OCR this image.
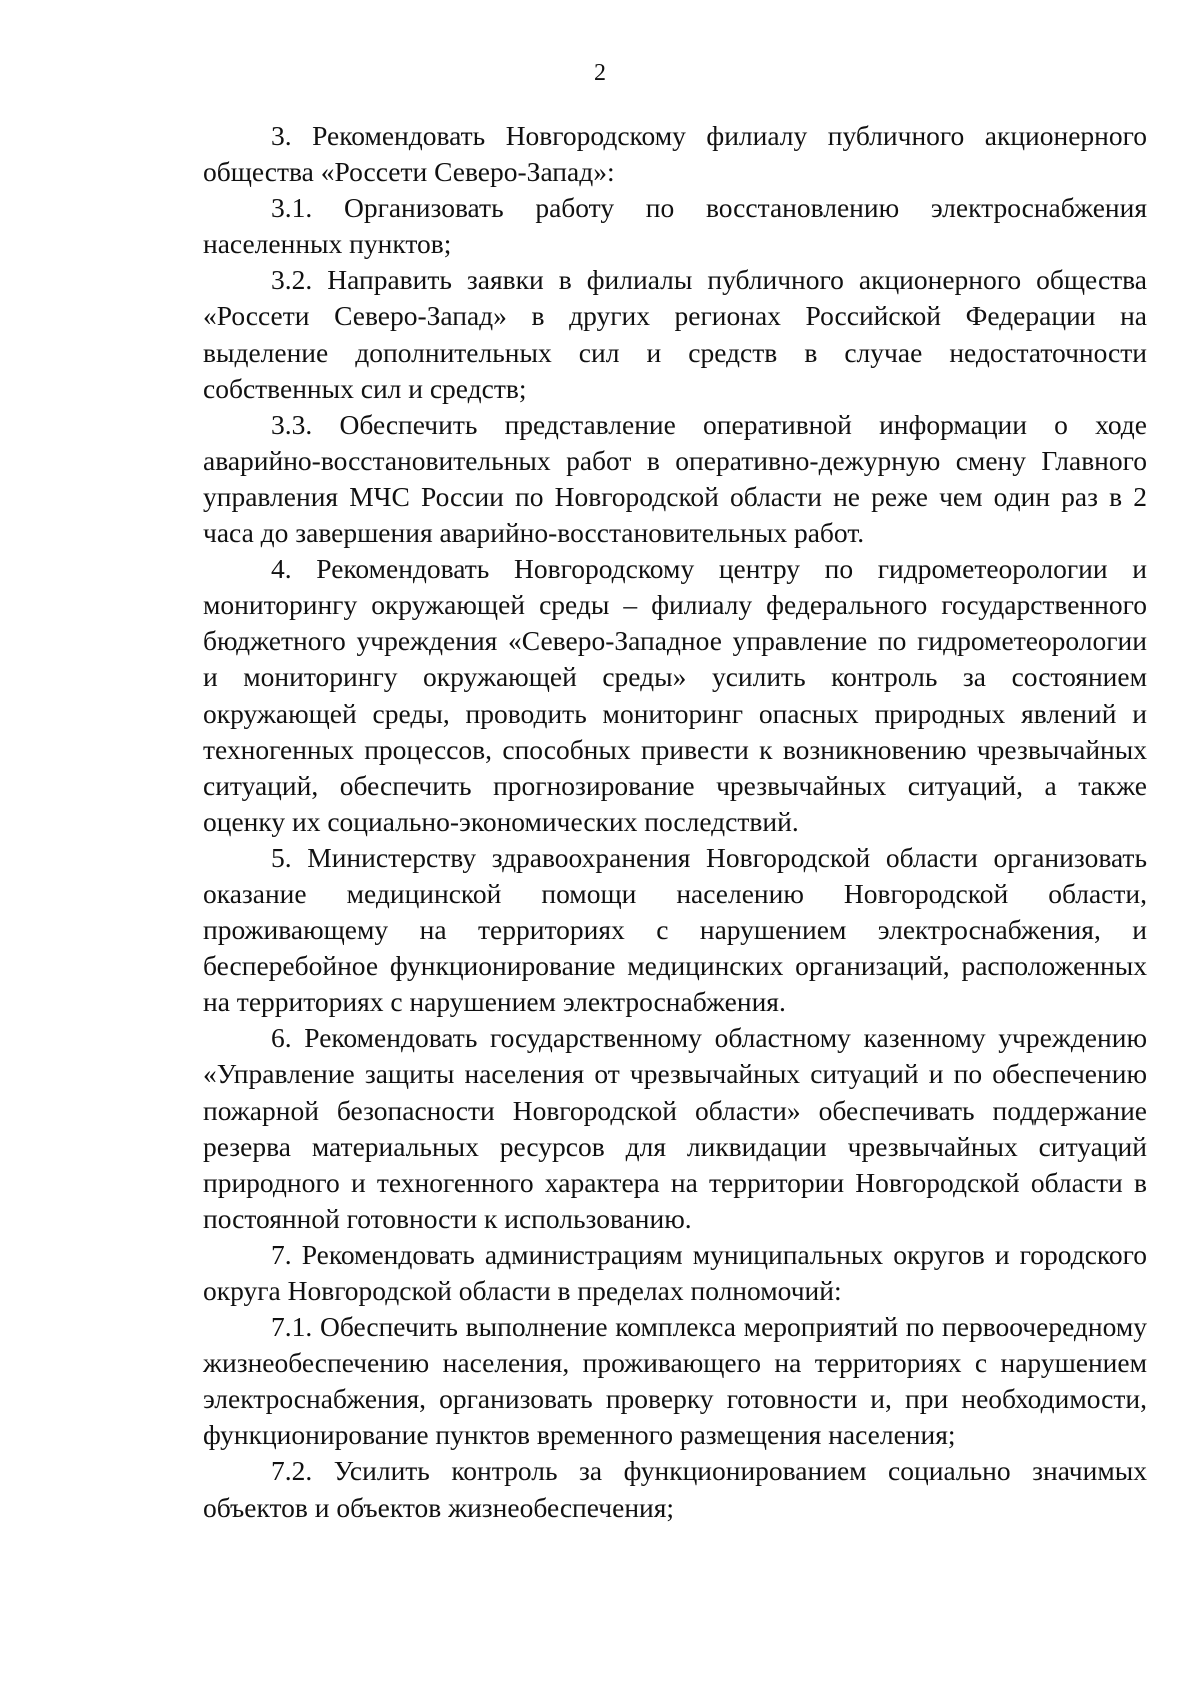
2

3. Рекомендовать Новгородскому филиалу публичного акционерного общества «Россети Северо-Запад»:

3.1. Организовать работу по восстановлению электроснабжения населенных пунктов;

3.2. Направить заявки в филиалы публичного акционерного общества «Россети Северо-Запад» в других регионах Российской Федерации на выделение дополнительных сил и средств в случае недостаточности собственных сил и средств;

3.3. Обеспечить представление оперативной информации о ходе аварийно-восстановительных работ в оперативно-дежурную смену Главного управления МЧС России по Новгородской области не реже чем один раз в 2 часа до завершения аварийно-восстановительных работ.

4. Рекомендовать Новгородскому центру по гидрометеорологии и мониторингу окружающей среды – филиалу федерального государственного бюджетного учреждения «Северо-Западное управление по гидрометеорологии и мониторингу окружающей среды» усилить контроль за состоянием окружающей среды, проводить мониторинг опасных природных явлений и техногенных процессов, способных привести к возникновению чрезвычайных ситуаций, обеспечить прогнозирование чрезвычайных ситуаций, а также оценку их социально-экономических последствий.

5. Министерству здравоохранения Новгородской области организовать оказание медицинской помощи населению Новгородской области, проживающему на территориях с нарушением электроснабжения, и бесперебойное функционирование медицинских организаций, расположенных на территориях с нарушением электроснабжения.

6. Рекомендовать государственному областному казенному учреждению «Управление защиты населения от чрезвычайных ситуаций и по обеспечению пожарной безопасности Новгородской области» обеспечивать поддержание резерва материальных ресурсов для ликвидации чрезвычайных ситуаций природного и техногенного характера на территории Новгородской области в постоянной готовности к использованию.

7. Рекомендовать администрациям муниципальных округов и городского округа Новгородской области в пределах полномочий:

7.1. Обеспечить выполнение комплекса мероприятий по первоочередному жизнеобеспечению населения, проживающего на территориях с нарушением электроснабжения, организовать проверку готовности и, при необходимости, функционирование пунктов временного размещения населения;

7.2. Усилить контроль за функционированием социально значимых объектов и объектов жизнеобеспечения;
